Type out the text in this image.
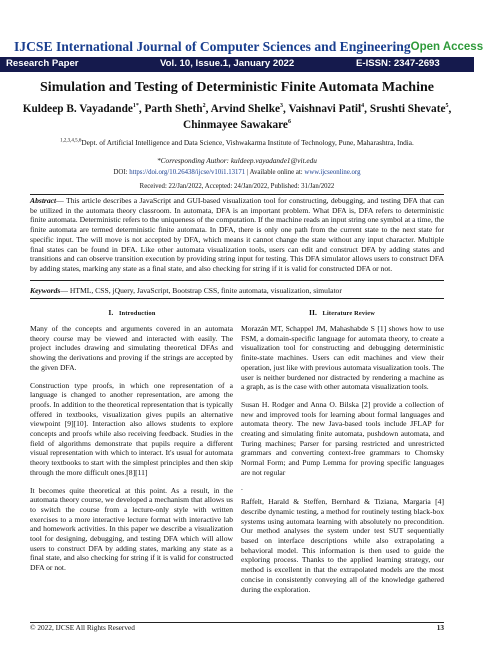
IJCSE International Journal of Computer Sciences and Engineering Open Access
Research Paper	Vol. 10, Issue.1, January 2022	E-ISSN: 2347-2693
Simulation and Testing of Deterministic Finite Automata Machine
Kuldeep B. Vayadande$^{1*}$, Parth Sheth$^2$, Arvind Shelke$^3$, Vaishnavi Patil$^4$, Srushti Shevate$^5$,
Chinmayee Sawakare$^6$
$^{1,2,3,4,5,6}$Dept. of Artificial Intelligence and Data Science, Vishwakarma Institute of Technology, Pune, Maharashtra, India.
*Corresponding Author: kuldeep.vayadande1@vit.edu
DOI: https://doi.org/10.26438/ijcse/v10i1.13171 | Available online at: www.ijcseonline.org
Received: 22/Jan/2022, Accepted: 24/Jan/2022, Published: 31/Jan/2022
Abstract— This article describes a JavaScript and GUI-based visualization tool for constructing, debugging, and testing DFA that can be utilized in the automata theory classroom. In automata, DFA is an important problem. What DFA is, DFA refers to deterministic finite automata. Deterministic refers to the uniqueness of the computation. If the machine reads an input string one symbol at a time, the finite automata are termed deterministic finite automata. In DFA, there is only one path from the current state to the next state for specific input. The will move is not accepted by DFA, which means it cannot change the state without any input character. Multiple final states can be found in DFA. Like other automata visualization tools, users can edit and construct DFA by adding states and transitions and can observe transition execution by providing string input for testing. This DFA simulator allows users to construct DFA by adding states, marking any state as a final state, and also checking for string if it is valid for constructed DFA or not.
Keywords— HTML, CSS, jQuery, JavaScript, Bootstrap CSS, finite automata, visualization, simulator
I. Introduction	II. Literature Review

Many of the concepts and arguments covered in an automata theory course may be viewed and interacted with easily. The project includes drawing and simulating theoretical DFAs and showing the derivations and proving if the strings are accepted by the given DFA.

Construction type proofs, in which one representation of a language is changed to another representation, are among the proofs. In addition to the theoretical representation that is typically offered in textbooks, visualization gives pupils an alternative viewpoint [9][10]. Interaction also allows students to explore concepts and proofs while also receiving feedback. Studies in the field of algorithms demonstrate that pupils require a different visual representation with which to interact. It's usual for automata theory textbooks to start with the simplest principles and then skip through the more difficult ones.[8][11]

It becomes quite theoretical at this point. As a result, in the automata theory course, we developed a mechanism that allows us to switch the course from a lecture-only style with written exercises to a more interactive lecture format with interactive lab and homework activities. In this paper we describe a visualization tool for designing, debugging, and testing DFA which will allow users to construct DFA by adding states, marking any state as a final state, and also checking for string if it is valid for constructed DFA or not.

Morazán MT, Schappel JM, Mahashabde S [1] shows how to use FSM, a domain-specific language for automata theory, to create a visualization tool for constructing and debugging deterministic finite-state machines. Users can edit machines and view their operation, just like with previous automata visualization tools. The user is neither burdened nor distracted by rendering a machine as a graph, as is the case with other automata visualization tools.

Susan H. Rodger and Anna O. Bilska [2] provide a collection of new and improved tools for learning about formal languages and automata theory. The new Java-based tools include JFLAP for creating and simulating finite automata, pushdown automata, and Turing machines; Parser for parsing restricted and unrestricted grammars and converting context-free grammars to Chomsky Normal Form; and Pump Lemma for proving specific languages are not regular

.

Raffelt, Harald & Steffen, Bernhard & Tiziana, Margaria [4] describe dynamic testing, a method for routinely testing black-box systems using automata learning with absolutely no precondition. Our method analyses the system under test SUT sequentially based on interface descriptions while also extrapolating a behavioral model. This information is then used to guide the exploring process. Thanks to the applied learning strategy, our method is excellent in that the extrapolated models are the most concise in consistently conveying all of the knowledge gathered during the exploration.

© 2022, IJCSE All Rights Reserved	13
